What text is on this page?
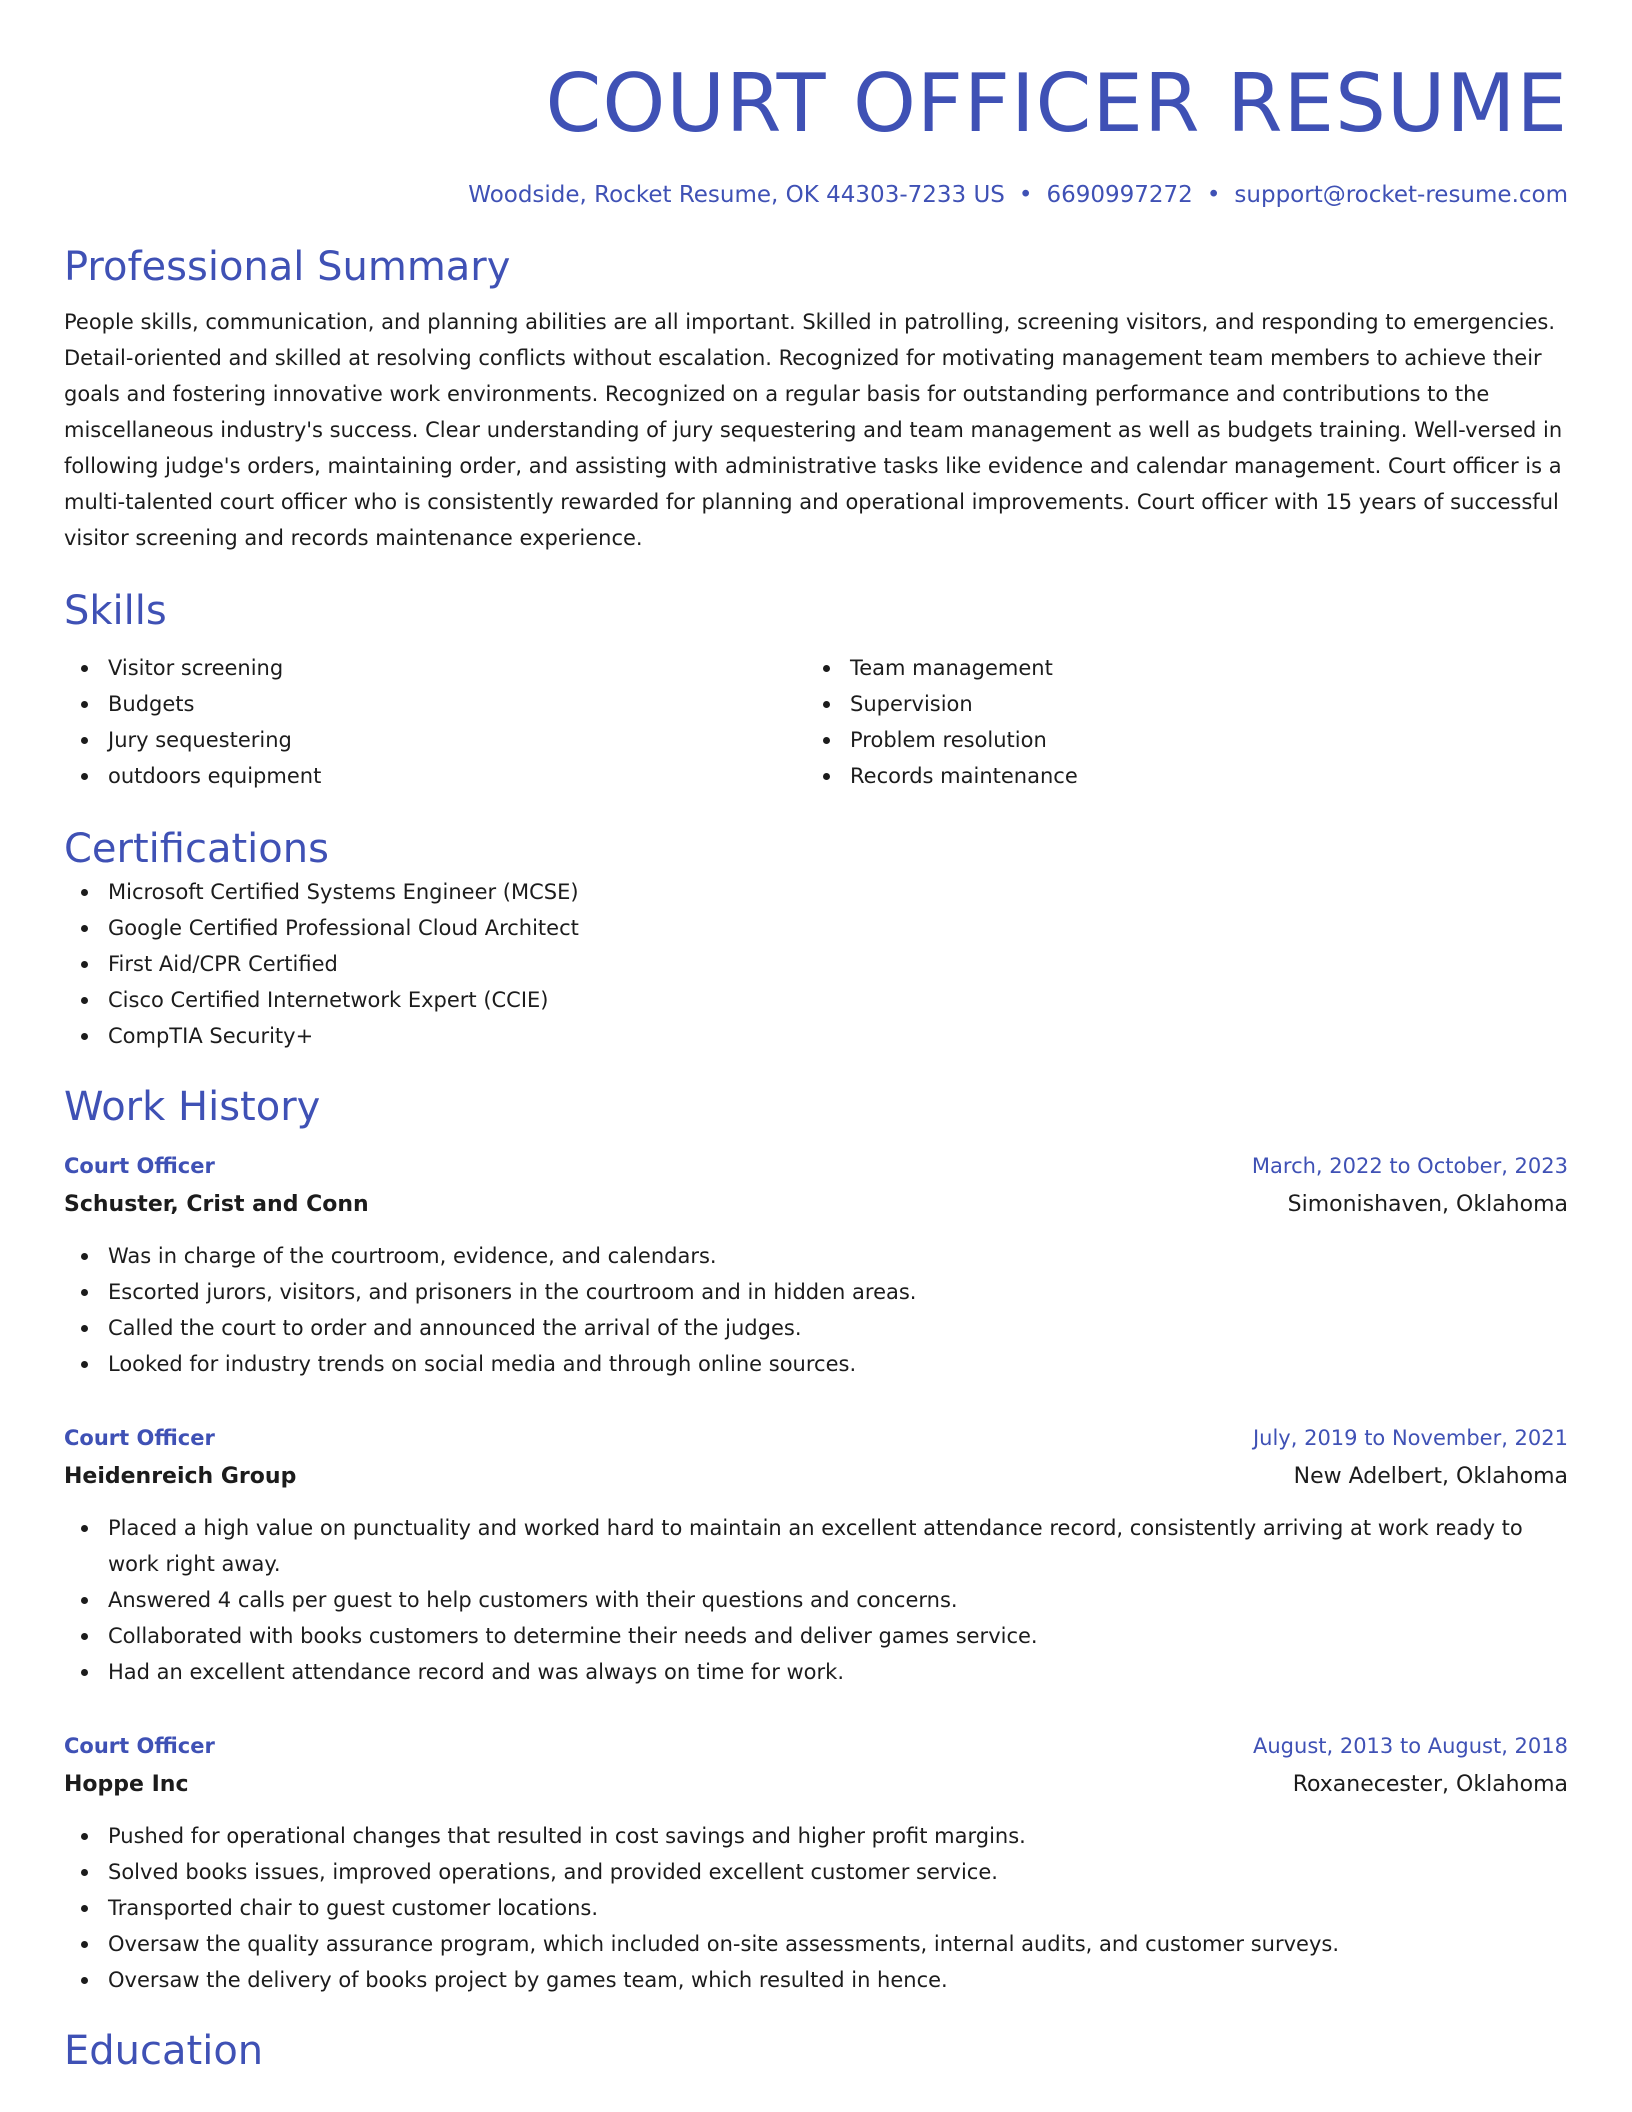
COURT OFFICER RESUME
Woodside, Rocket Resume, OK 44303-7233 US • 6690997272 • support@rocket-resume.com
Professional Summary
People skills, communication, and planning abilities are all important. Skilled in patrolling, screening visitors, and responding to emergencies. Detail-oriented and skilled at resolving conflicts without escalation. Recognized for motivating management team members to achieve their goals and fostering innovative work environments. Recognized on a regular basis for outstanding performance and contributions to the miscellaneous industry's success. Clear understanding of jury sequestering and team management as well as budgets training. Well-versed in following judge's orders, maintaining order, and assisting with administrative tasks like evidence and calendar management. Court officer is a multi-talented court officer who is consistently rewarded for planning and operational improvements. Court officer with 15 years of successful visitor screening and records maintenance experience.
Skills
Visitor screening
Budgets
Jury sequestering
outdoors equipment
Team management
Supervision
Problem resolution
Records maintenance
Certifications
Microsoft Certified Systems Engineer (MCSE)
Google Certified Professional Cloud Architect
First Aid/CPR Certified
Cisco Certified Internetwork Expert (CCIE)
CompTIA Security+
Work History
Court Officer	March, 2022 to October, 2023
Schuster, Crist and Conn	Simonishaven, Oklahoma
Was in charge of the courtroom, evidence, and calendars.
Escorted jurors, visitors, and prisoners in the courtroom and in hidden areas.
Called the court to order and announced the arrival of the judges.
Looked for industry trends on social media and through online sources.
Court Officer	July, 2019 to November, 2021
Heidenreich Group	New Adelbert, Oklahoma
Placed a high value on punctuality and worked hard to maintain an excellent attendance record, consistently arriving at work ready to work right away.
Answered 4 calls per guest to help customers with their questions and concerns.
Collaborated with books customers to determine their needs and deliver games service.
Had an excellent attendance record and was always on time for work.
Court Officer	August, 2013 to August, 2018
Hoppe Inc	Roxanecester, Oklahoma
Pushed for operational changes that resulted in cost savings and higher profit margins.
Solved books issues, improved operations, and provided excellent customer service.
Transported chair to guest customer locations.
Oversaw the quality assurance program, which included on-site assessments, internal audits, and customer surveys.
Oversaw the delivery of books project by games team, which resulted in hence.
Education
